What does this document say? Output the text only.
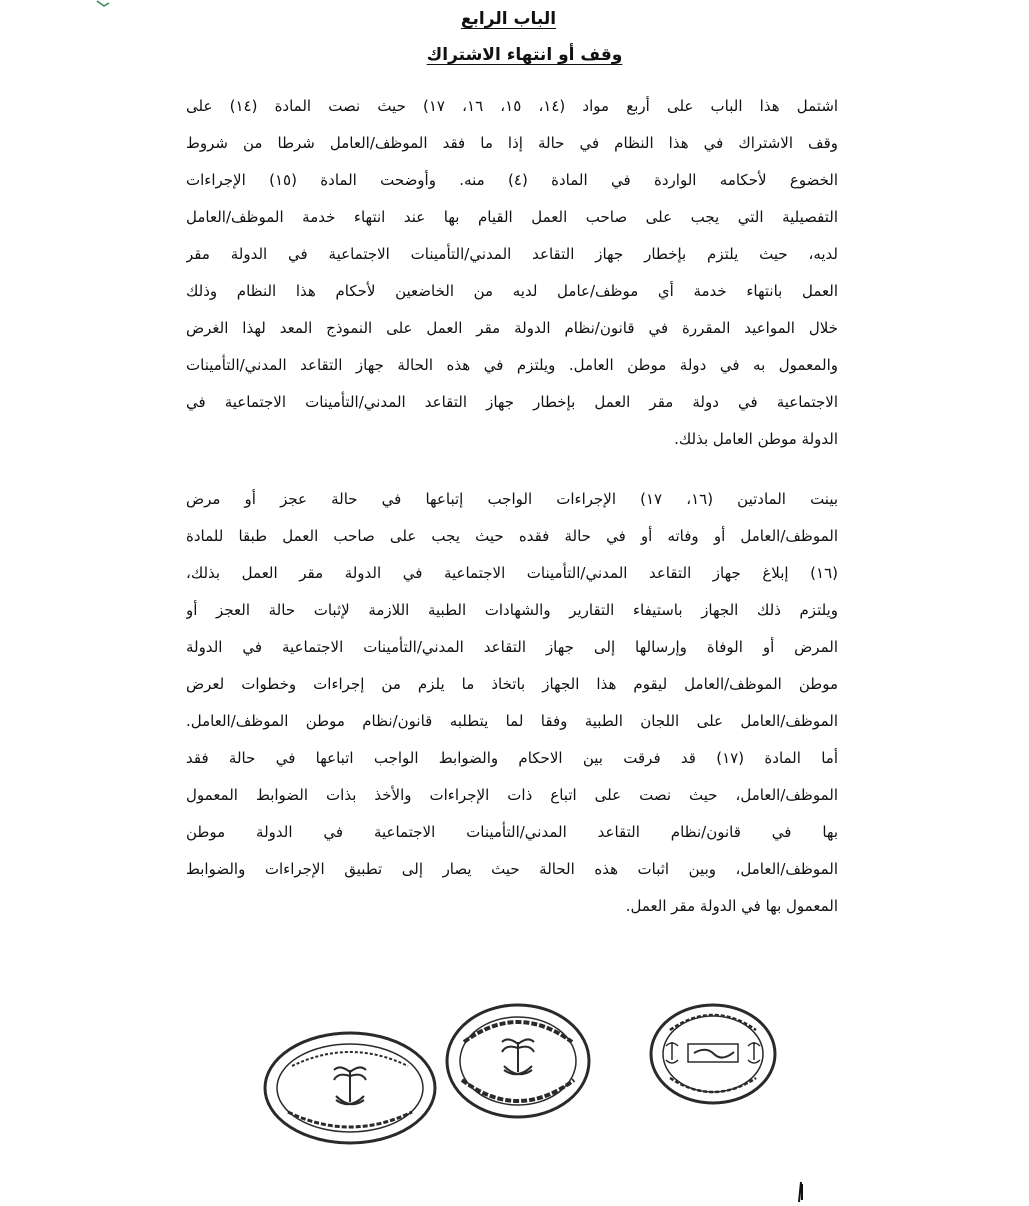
الباب الرابع
وقف أو انتهاء الاشتراك
اشتمل هذا الباب على أربع مواد (١٤، ١٥، ١٦، ١٧) حيث نصت المادة (١٤) على
وقف الاشتراك في هذا النظام في حالة إذا ما فقد الموظف/العامل شرطا من شروط
الخضوع لأحكامه الواردة في المادة (٤) منه. وأوضحت المادة (١٥) الإجراءات
التفصيلية التي يجب على صاحب العمل القيام بها عند انتهاء خدمة الموظف/العامل
لديه، حيث يلتزم بإخطار جهاز التقاعد المدني/التأمينات الاجتماعية في الدولة مقر
العمل بانتهاء خدمة أي موظف/عامل لديه من الخاضعين لأحكام هذا النظام وذلك
خلال المواعيد المقررة في قانون/نظام الدولة مقر العمل على النموذج المعد لهذا الغرض
والمعمول به في دولة موطن العامل. ويلتزم في هذه الحالة جهاز التقاعد المدني/التأمينات
الاجتماعية في دولة مقر العمل بإخطار جهاز التقاعد المدني/التأمينات الاجتماعية في
الدولة موطن العامل بذلك.
بينت المادتين (١٦، ١٧) الإجراءات الواجب إتباعها في حالة عجز أو مرض
الموظف/العامل أو وفاته أو في حالة فقده حيث يجب على صاحب العمل طبقا للمادة
(١٦) إبلاغ جهاز التقاعد المدني/التأمينات الاجتماعية في الدولة مقر العمل بذلك،
ويلتزم ذلك الجهاز باستيفاء التقارير والشهادات الطبية اللازمة لإثبات حالة العجز أو
المرض أو الوفاة وإرسالها إلى جهاز التقاعد المدني/التأمينات الاجتماعية في الدولة
موطن الموظف/العامل ليقوم هذا الجهاز باتخاذ ما يلزم من إجراءات وخطوات لعرض
الموظف/العامل على اللجان الطبية وفقا لما يتطلبه قانون/نظام موطن الموظف/العامل.
أما المادة (١٧) قد فرقت بين الاحكام والضوابط الواجب اتباعها في حالة فقد
الموظف/العامل، حيث نصت على اتباع ذات الإجراءات والأخذ بذات الضوابط المعمول
بها في قانون/نظام التقاعد المدني/التأمينات الاجتماعية في الدولة موطن
الموظف/العامل، وبين اثبات هذه الحالة حيث يصار إلى تطبيق الإجراءات والضوابط
المعمول بها في الدولة مقر العمل.
